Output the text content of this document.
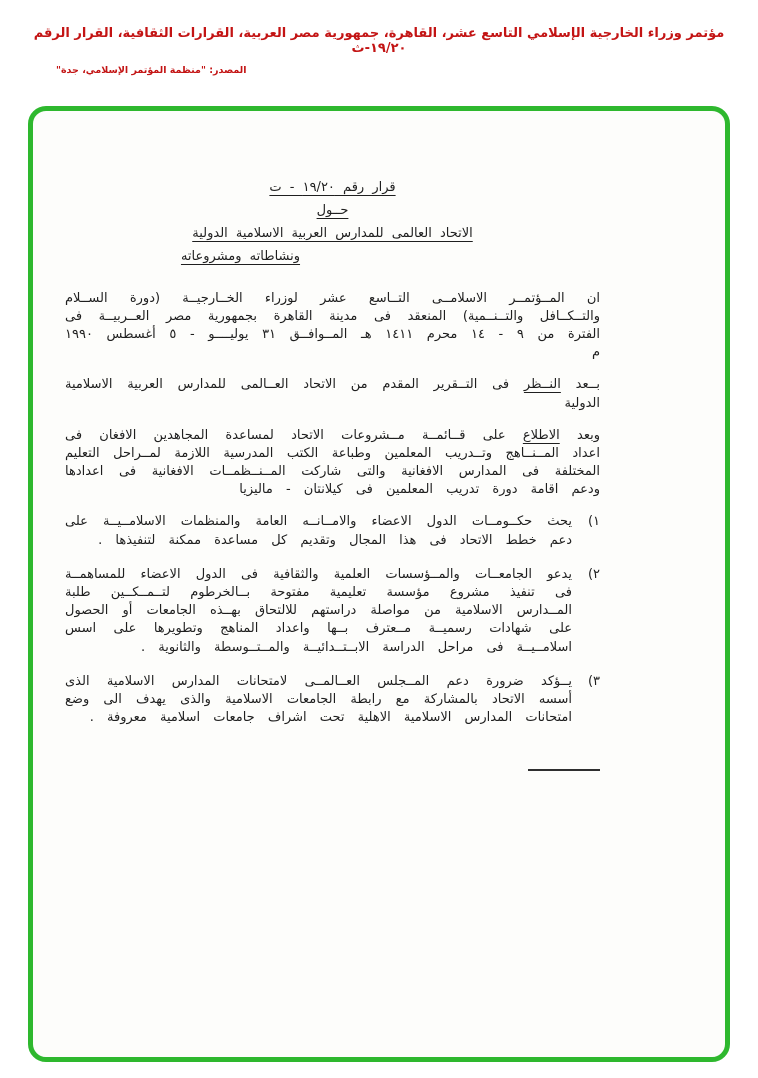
مؤتمر وزراء الخارجية الإسلامي التاسع عشر، القاهرة، جمهورية مصر العربية، القرارات الثقافية، القرار الرقم ١٩/٢٠-ث
المصدر: "منظمة المؤتمر الإسلامي، جدة"
قرار رقم ١٩/٢٠ - ت
حــول
الاتحاد العالمى للمدارس العربية الاسلامية الدولية
ونشاطاته ومشروعاته

ان المــؤتمــر الاسلامــى التــاسع عشر لوزراء الخــارجيــة (دورة الســلام والتــكــافل والتــنــمية) المنعقد فى مدينة القاهرة بجمهورية مصر العــربيــة فى الفترة من ٩ - ١٤ محرم ١٤١١ هـ المــوافــق ٣١ يوليــــو - ٥ أغسطس ١٩٩٠ م

بــعد النــظر فى التــقرير المقدم من الاتحاد العــالمى للمدارس العربية الاسلامية الدولية

وبعد الاطلاع على قــائمــة مــشروعات الاتحاد لمساعدة المجاهدين الافغان فى اعداد المــنــاهج وتــدريب المعلمين وطباعة الكتب المدرسية اللازمة لمــراحل التعليم المختلفة فى المدارس الافغانية والتى شاركت المــنــظمــات الافغانية فى اعدادها ودعم اقامة دورة تدريب المعلمين فى كيلانتان - ماليزيا

١)
يحث حكــومــات الدول الاعضاء والامــانــه العامة والمنظمات الاسلامــيــة على دعم خطط الاتحاد فى هذا المجال وتقديم كل مساعدة ممكنة لتنفيذها .
٢)
يدعو الجامعــات والمــؤسسات العلمية والثقافية فى الدول الاعضاء للمساهمــة فى تنفيذ مشروع مؤسسة تعليمية مفتوحة بــالخرطوم لتــمــكــين طلبة المــدارس الاسلامية من مواصلة دراستهم للالتحاق بهــذه الجامعات أو الحصول على شهادات رسميــة مــعترف بــها واعداد المناهج وتطويرها على اسس اسلامــيــة فى مراحل الدراسة الابــتــدائيــة والمــتــوسطة والثانوية .
٣)
يــؤكد ضرورة دعم المــجلس العــالمــى لامتحانات المدارس الاسلامية الذى أسسه الاتحاد بالمشاركة مع رابطة الجامعات الاسلامية والذى يهدف الى وضع امتحانات المدارس الاسلامية الاهلية تحت اشراف جامعات اسلامية معروفة .
